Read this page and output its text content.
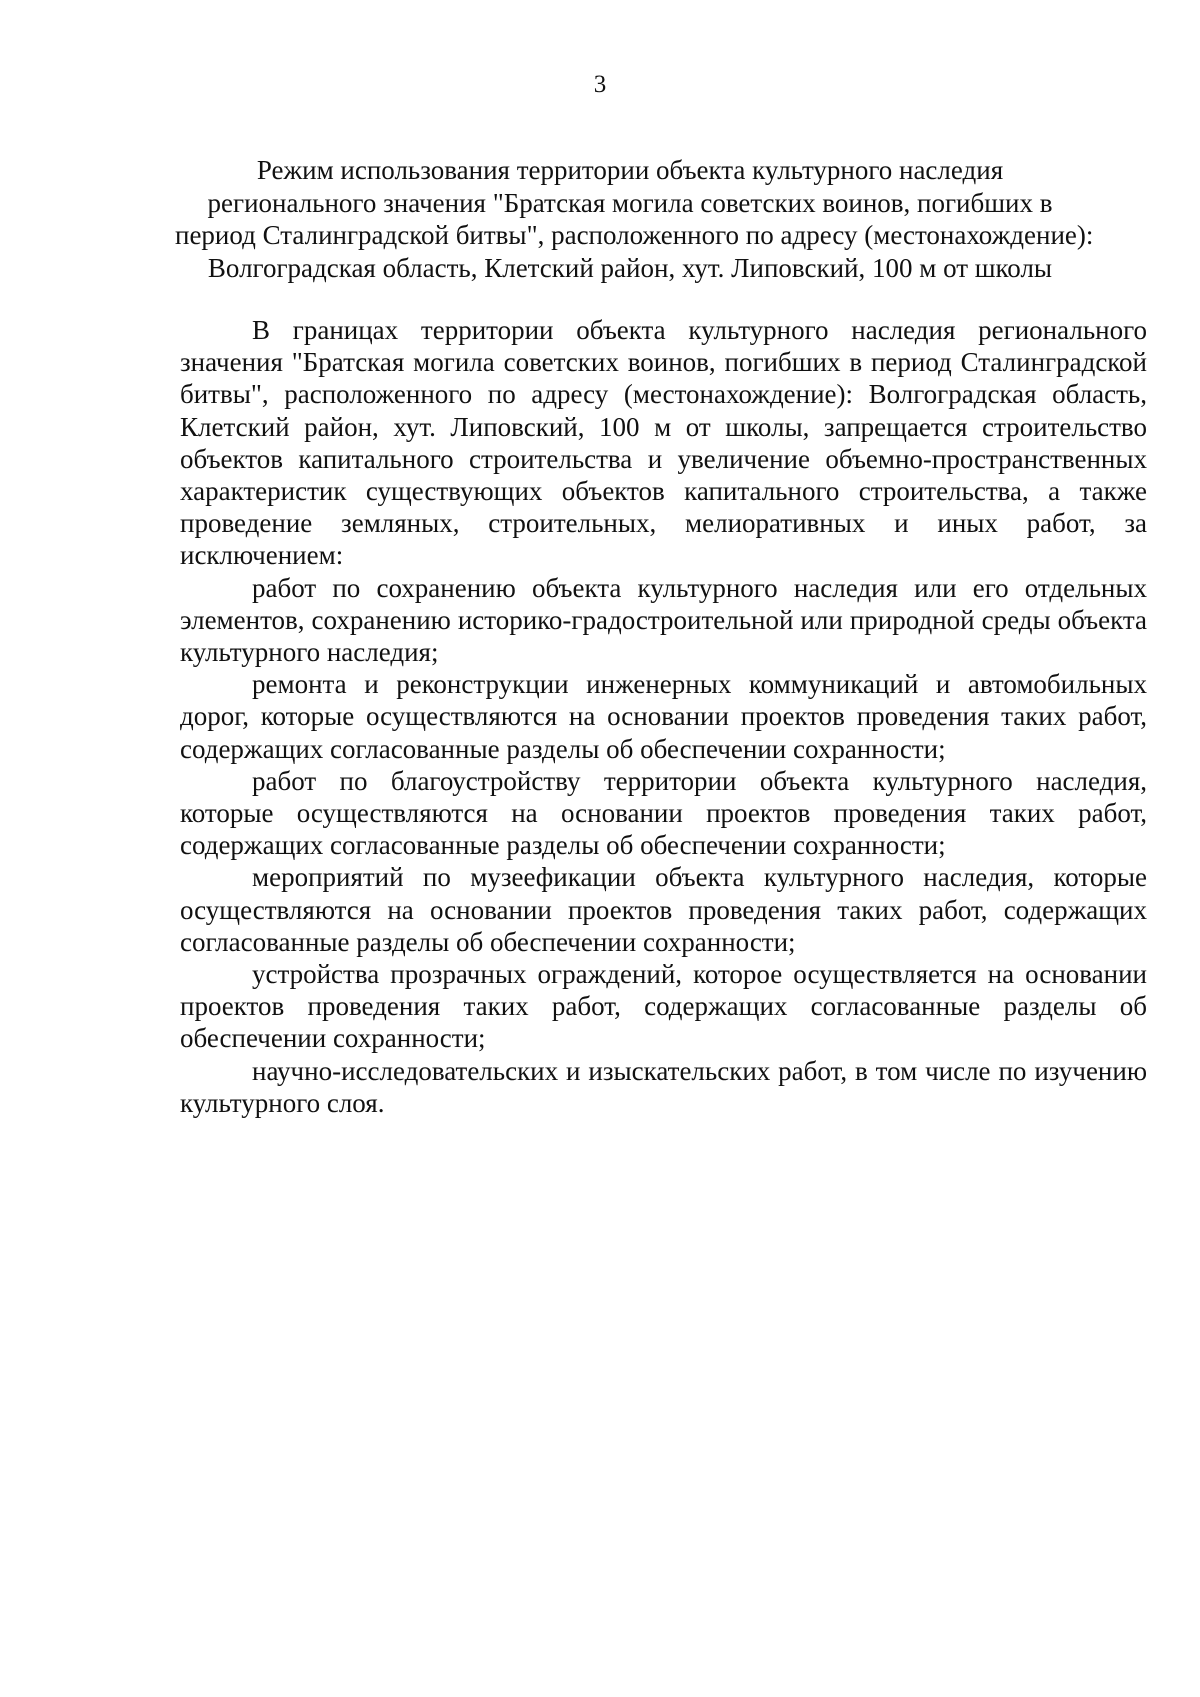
3
Режим использования территории объекта культурного наследия
регионального значения "Братская могила советских воинов, погибших в
период Сталинградской битвы", расположенного по адресу (местонахождение):
Волгоградская область, Клетский район, хут. Липовский, 100 м от школы

В границах территории объекта культурного наследия регионального значения "Братская могила советских воинов, погибших в период Сталинградской битвы", расположенного по адресу (местонахождение): Волгоградская область, Клетский район, хут. Липовский, 100 м от школы, запрещается строительство объектов капитального строительства и увеличение объемно-пространственных характеристик существующих объектов капитального строительства, а также проведение земляных, строительных, мелиоративных и иных работ, за исключением:

работ по сохранению объекта культурного наследия или его отдельных элементов, сохранению историко-градостроительной или природной среды объекта культурного наследия;

ремонта и реконструкции инженерных коммуникаций и автомобильных дорог, которые осуществляются на основании проектов проведения таких работ, содержащих согласованные разделы об обеспечении сохранности;

работ по благоустройству территории объекта культурного наследия, которые осуществляются на основании проектов проведения таких работ, содержащих согласованные разделы об обеспечении сохранности;

мероприятий по музеефикации объекта культурного наследия, которые осуществляются на основании проектов проведения таких работ, содержащих согласованные разделы об обеспечении сохранности;

устройства прозрачных ограждений, которое осуществляется на основании проектов проведения таких работ, содержащих согласованные разделы об обеспечении сохранности;

научно-исследовательских и изыскательских работ, в том числе по изучению культурного слоя.
